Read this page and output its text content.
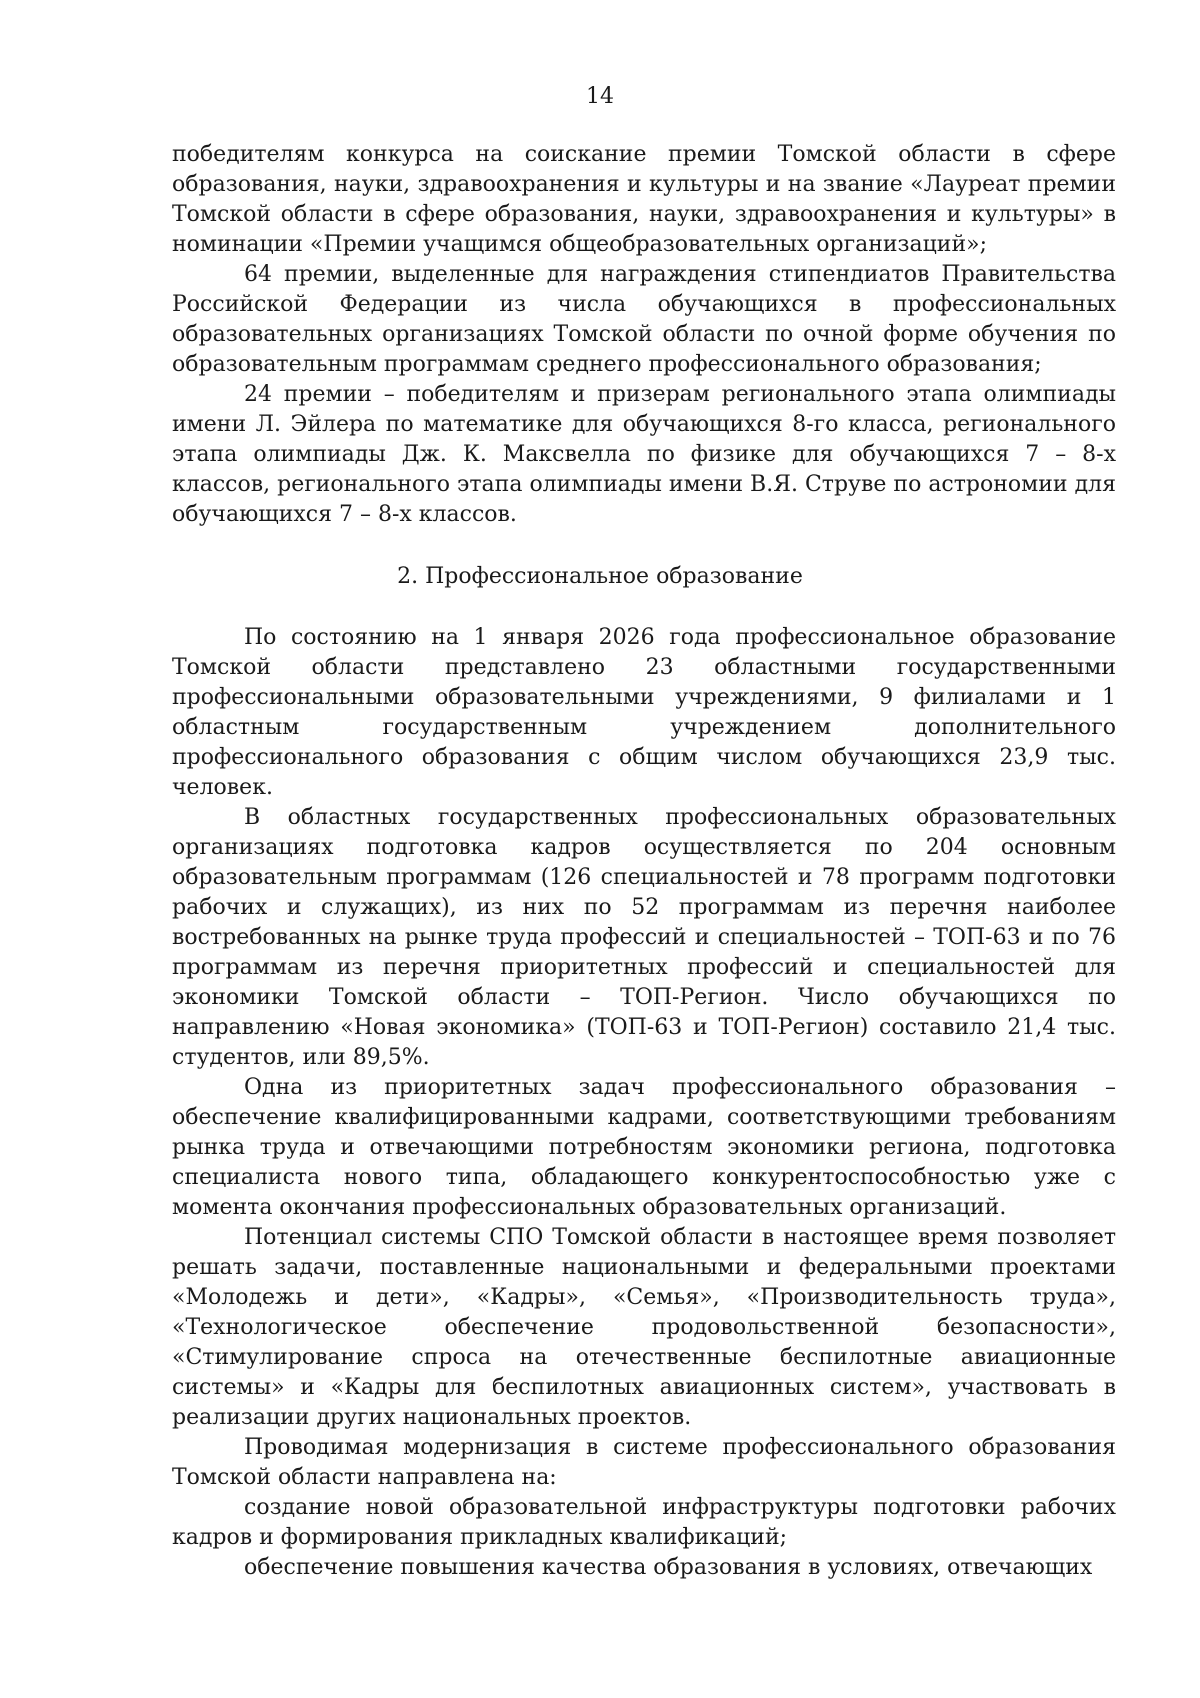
14

победителям конкурса на соискание премии Томской области в сфере образования, науки, здравоохранения и культуры и на звание «Лауреат премии Томской области в сфере образования, науки, здравоохранения и культуры» в номинации «Премии учащимся общеобразовательных организаций»;

64 премии, выделенные для награждения стипендиатов Правительства Российской Федерации из числа обучающихся в профессиональных образовательных организациях Томской области по очной форме обучения по образовательным программам среднего профессионального образования;

24 премии – победителям и призерам регионального этапа олимпиады имени Л. Эйлера по математике для обучающихся 8-го класса, регионального этапа олимпиады Дж. К. Максвелла по физике для обучающихся 7 – 8-х классов, регионального этапа олимпиады имени В.Я. Струве по астрономии для обучающихся 7 – 8-х классов.

2. Профессиональное образование

По состоянию на 1 января 2026 года профессиональное образование Томской области представлено 23 областными государственными профессиональными образовательными учреждениями, 9 филиалами и 1 областным государственным учреждением дополнительного профессионального образования с общим числом обучающихся 23,9 тыс. человек.

В областных государственных профессиональных образовательных организациях подготовка кадров осуществляется по 204 основным образовательным программам (126 специальностей и 78 программ подготовки рабочих и служащих), из них по 52 программам из перечня наиболее востребованных на рынке труда профессий и специальностей – ТОП-63 и по 76 программам из перечня приоритетных профессий и специальностей для экономики Томской области – ТОП-Регион. Число обучающихся по направлению «Новая экономика» (ТОП-63 и ТОП-Регион) составило 21,4 тыс. студентов, или 89,5%.

Одна из приоритетных задач профессионального образования – обеспечение квалифицированными кадрами, соответствующими требованиям рынка труда и отвечающими потребностям экономики региона, подготовка специалиста нового типа, обладающего конкурентоспособностью уже с момента окончания профессиональных образовательных организаций.

Потенциал системы СПО Томской области в настоящее время позволяет решать задачи, поставленные национальными и федеральными проектами «Молодежь и дети», «Кадры», «Семья», «Производительность труда», «Технологическое обеспечение продовольственной безопасности», «Стимулирование спроса на отечественные беспилотные авиационные системы» и «Кадры для беспилотных авиационных систем», участвовать в реализации других национальных проектов.

Проводимая модернизация в системе профессионального образования Томской области направлена на:

создание новой образовательной инфраструктуры подготовки рабочих кадров и формирования прикладных квалификаций;

обеспечение повышения качества образования в условиях, отвечающих
